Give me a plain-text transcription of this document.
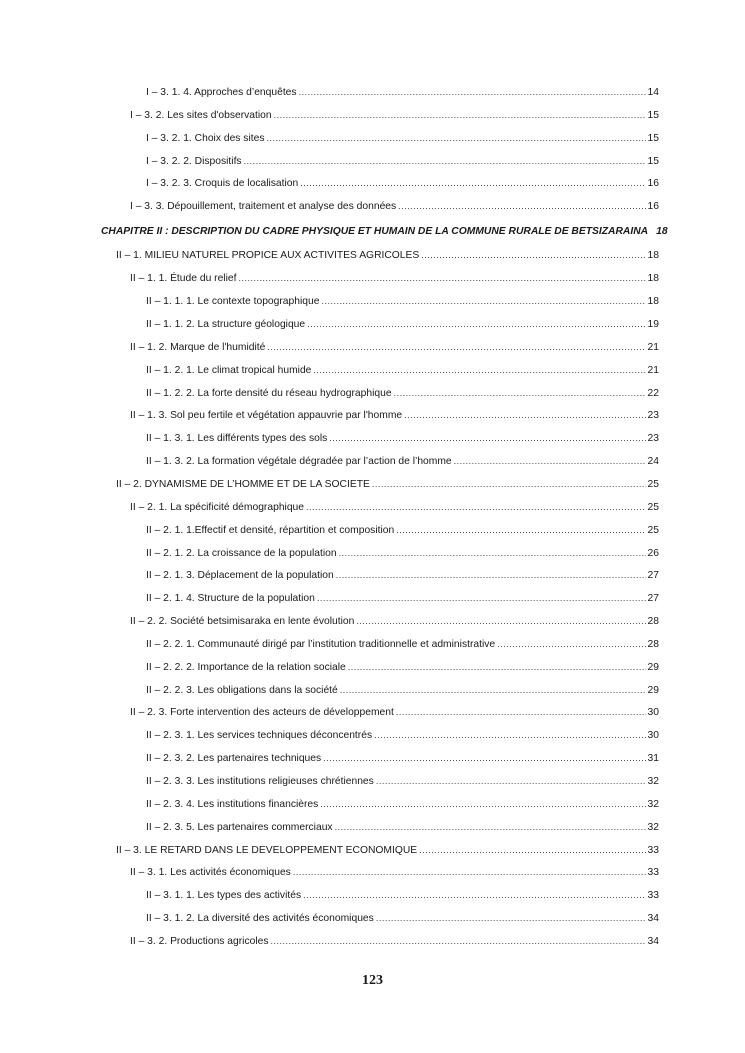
I – 3. 1. 4. Approches d’enquêtes .....	14
I – 3. 2. Les sites d'observation .....	15
I – 3. 2. 1. Choix des sites .....	15
I – 3. 2. 2. Dispositifs .....	15
I – 3. 2. 3. Croquis de localisation .....	16
I – 3. 3. Dépouillement, traitement et analyse des données .....	16
CHAPITRE II : DESCRIPTION DU CADRE PHYSIQUE ET HUMAIN DE LA COMMUNE RURALE DE BETSIZARAINA 18
II – 1. MILIEU NATUREL PROPICE AUX ACTIVITES AGRICOLES .....	18
II – 1. 1. Étude du relief .....	18
II – 1. 1. 1. Le contexte topographique .....	18
II – 1. 1. 2. La structure géologique .....	19
II – 1. 2. Marque de l'humidité .....	21
II – 1. 2. 1. Le climat tropical humide .....	21
II – 1. 2. 2. La forte densité du réseau hydrographique .....	22
II – 1. 3. Sol peu fertile et végétation appauvrie par l'homme .....	23
II – 1. 3. 1. Les différents types des sols .....	23
II – 1. 3. 2. La formation végétale dégradée par l’action de l’homme .....	24
II – 2. DYNAMISME DE L’HOMME ET DE LA SOCIETE .....	25
II – 2. 1. La spécificité démographique .....	25
II – 2. 1. 1.Effectif et densité, répartition et composition .....	25
II – 2. 1. 2. La croissance de la population .....	26
II – 2. 1. 3. Déplacement de la population .....	27
II – 2. 1. 4. Structure de la population .....	27
II – 2. 2. Société betsimisaraka en lente évolution .....	28
II – 2. 2. 1. Communauté dirigé par l’institution traditionnelle et administrative .....	28
II – 2. 2. 2. Importance de la relation sociale .....	29
II – 2. 2. 3. Les obligations dans la société .....	29
II – 2. 3. Forte intervention des acteurs de développement .....	30
II – 2. 3. 1. Les services techniques déconcentrés .....	30
II – 2. 3. 2. Les partenaires techniques .....	31
II – 2. 3. 3. Les institutions religieuses chrétiennes .....	32
II – 2. 3. 4. Les institutions financières .....	32
II – 2. 3. 5. Les partenaires commerciaux .....	32
II – 3. LE RETARD DANS LE DEVELOPPEMENT ECONOMIQUE .....	33
II – 3. 1. Les activités économiques .....	33
II – 3. 1. 1. Les types des activités .....	33
II – 3. 1. 2. La diversité des activités économiques .....	34
II – 3. 2. Productions agricoles .....	34
123
